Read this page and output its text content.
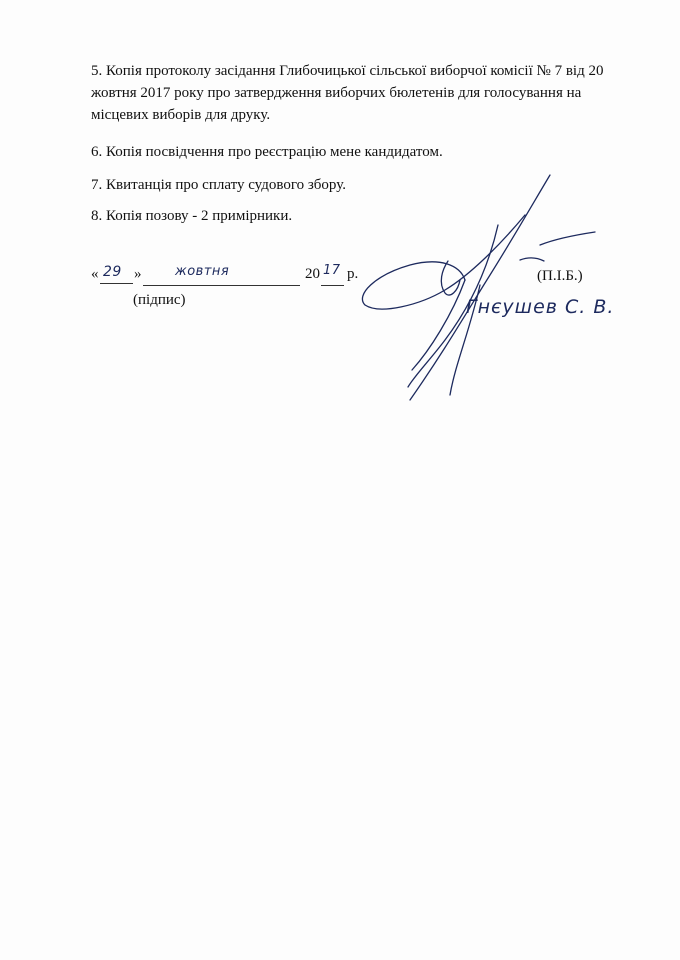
5. Копія протоколу засідання Глибочицької сільської виборчої комісії № 7 від 20 жовтня 2017 року про затвердження виборчих бюлетенів для голосування на місцевих виборів для друку.

6. Копія посвідчення про реєстрацію мене кандидатом.

7. Квитанція про сплату судового збору.

8. Копія позову - 2 примірники.

« 29 »	жовтня	20 17 р.
(підпис)
(П.І.Б.)
Гнєушев С. В.
